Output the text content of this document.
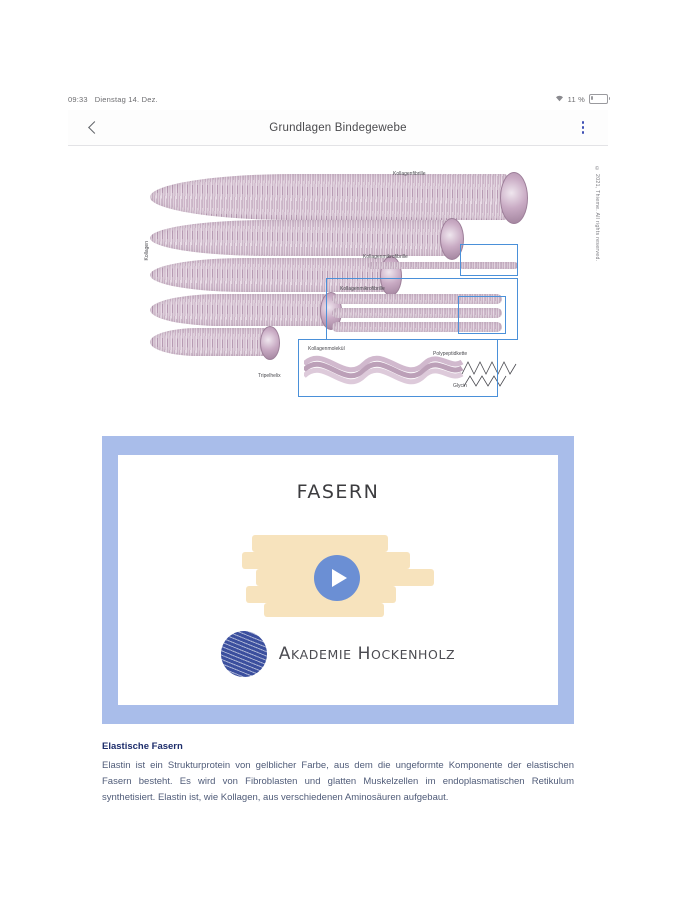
09:33 Dienstag 14. Dez.	11 %
Grundlagen Bindegewebe
Kollagen
Kollagenfibrille
Kollagenmikrofibrille
Kollagenmikrofibrille
Kollagenmolekül
Tripelhelix
Polypeptidkette
Glycin
© 2021, Thieme. All rights reserved.
FASERN
AKADEMIE HOCKENHOLZ
Elastische Fasern

Elastin ist ein Strukturprotein von gelblicher Farbe, aus dem die ungeformte Komponente der elastischen Fasern besteht. Es wird von Fibroblasten und glatten Muskelzellen im endoplasmatischen Retikulum synthetisiert. Elastin ist, wie Kollagen, aus verschiedenen Aminosäuren aufgebaut.
